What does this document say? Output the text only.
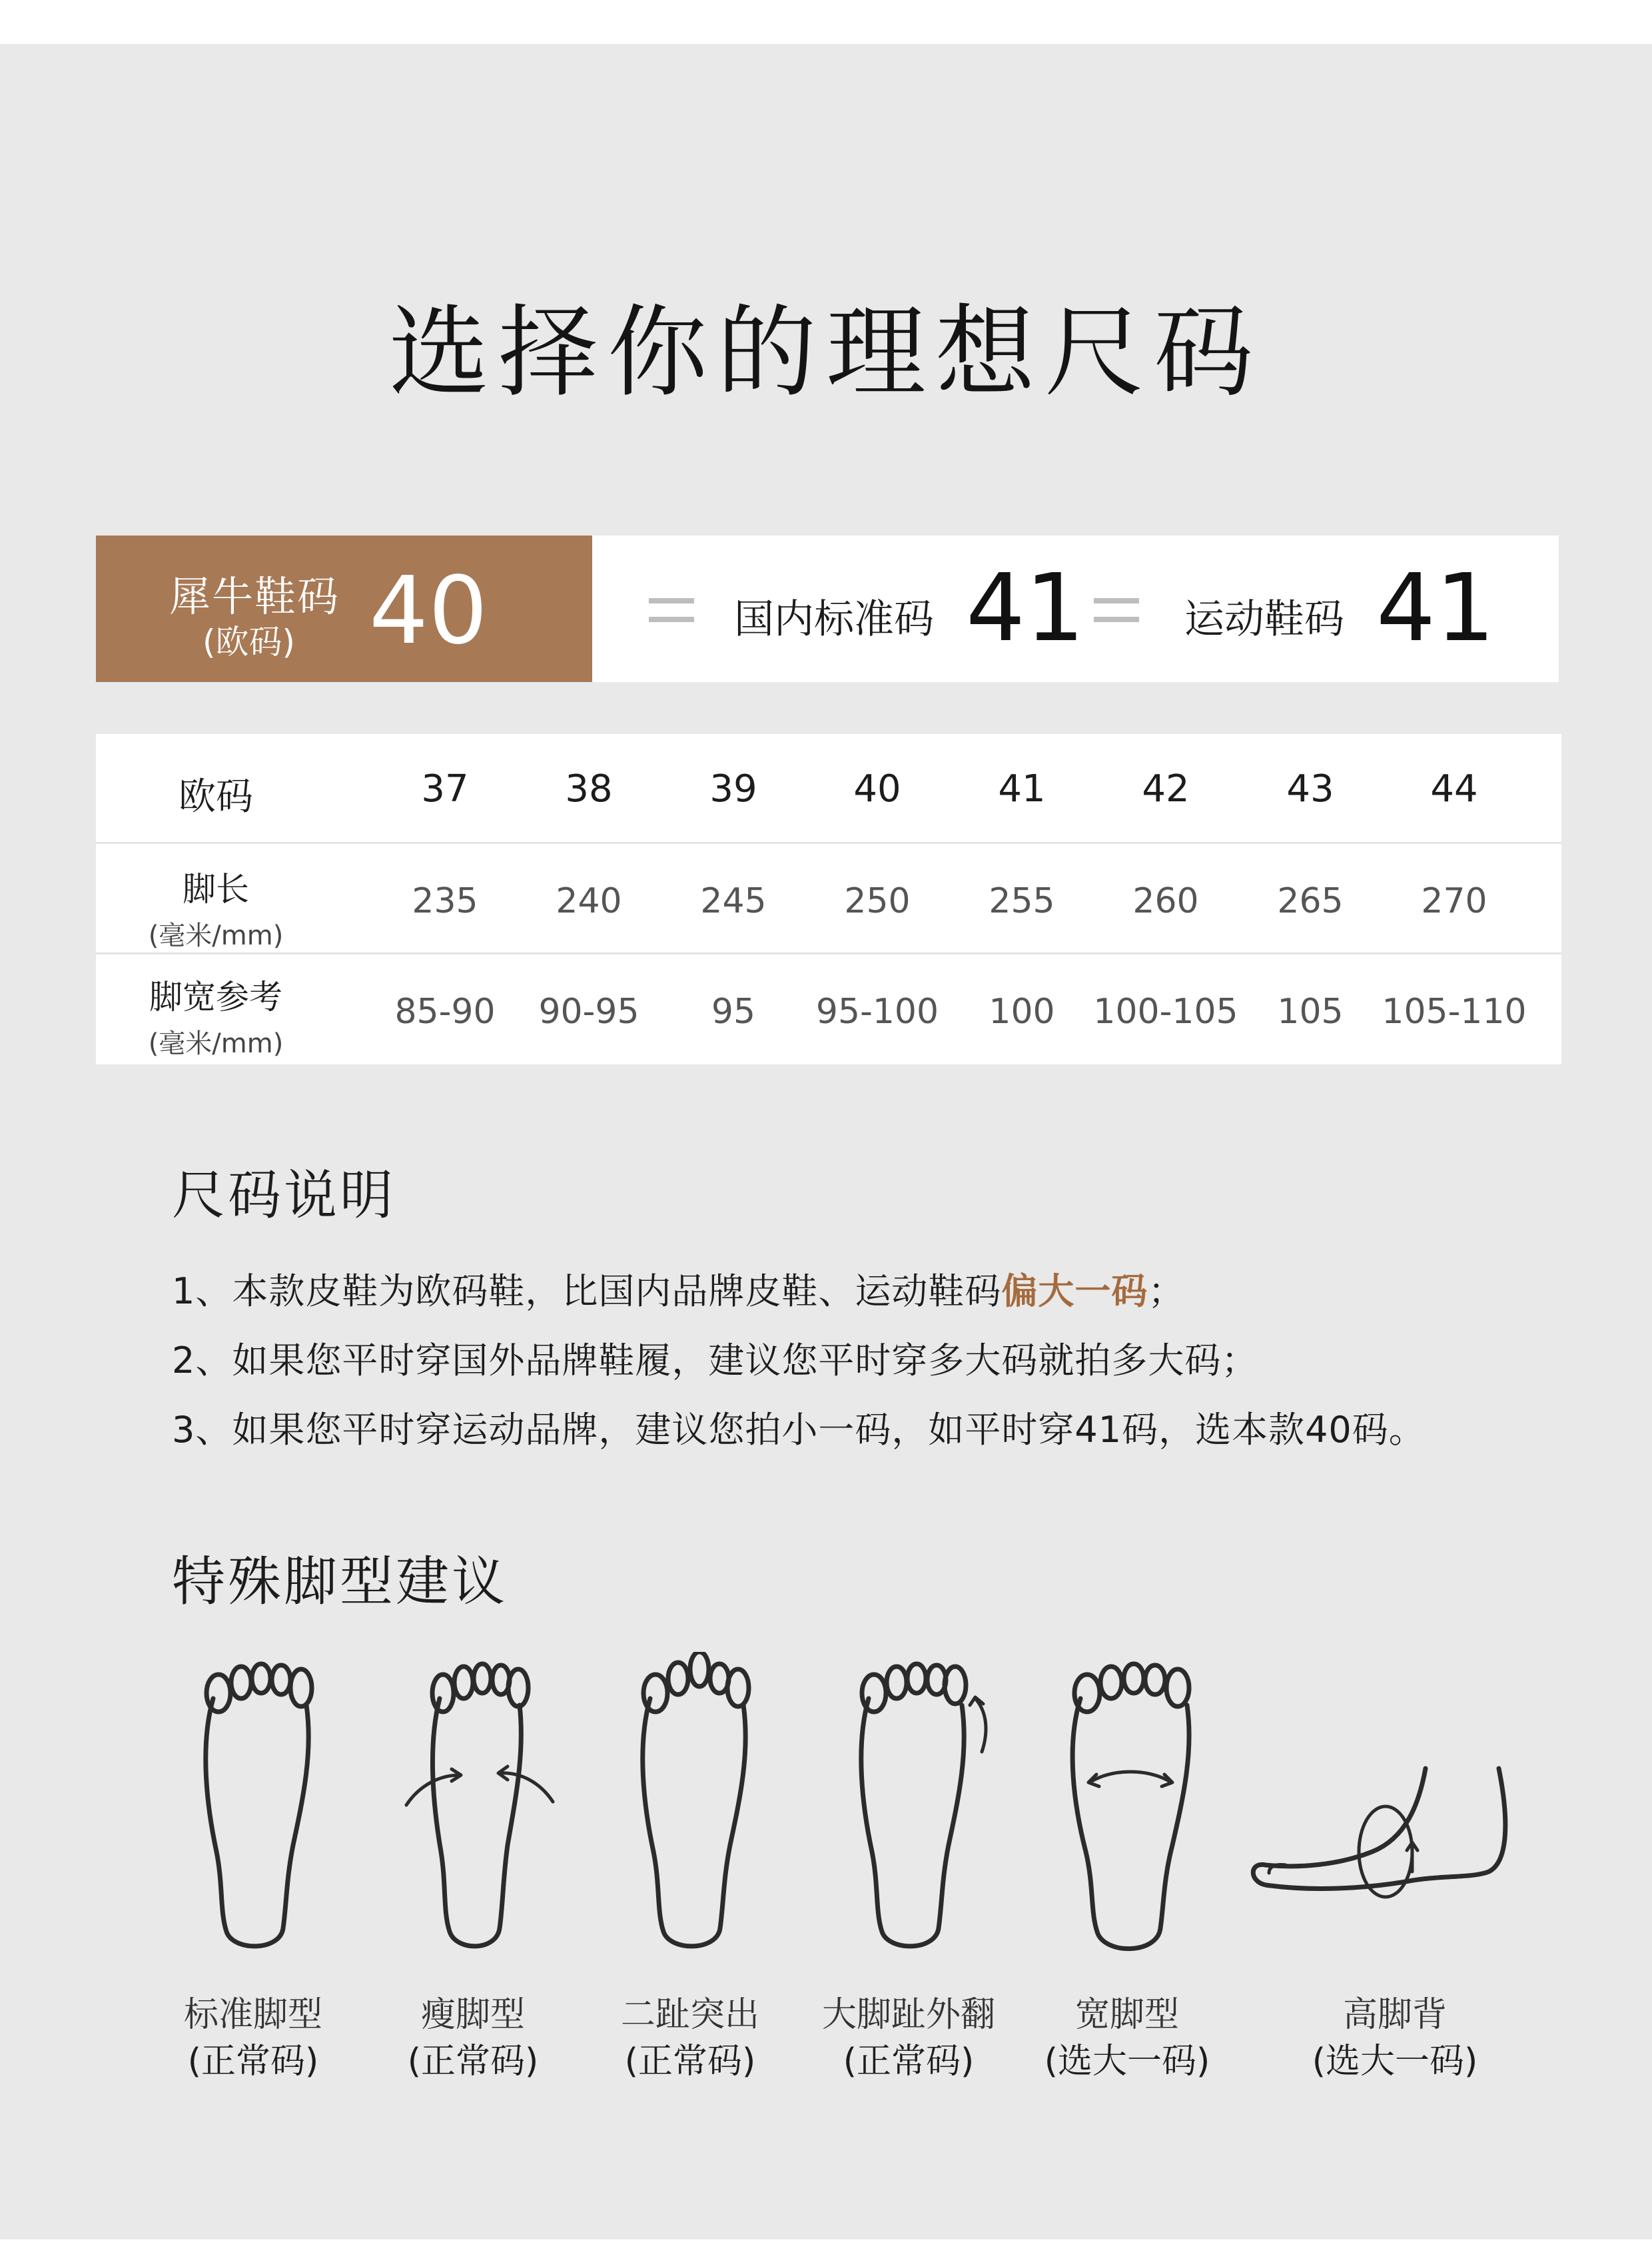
选择你的理想尺码
犀牛鞋码
(欧码) 40	国内标准码 41 运动鞋码 41
欧码	37	38	39	40	41	42	43	44
脚长
(毫米/mm)
235	240	245	250	255	260	265	270
脚宽参考
(毫米/mm)
85-90	90-95	95	95-100	100	100-105	105	105-110
尺码说明
1、本款皮鞋为欧码鞋，比国内品牌皮鞋、运动鞋码偏大一码；
2、如果您平时穿国外品牌鞋履，建议您平时穿多大码就拍多大码；
3、如果您平时穿运动品牌，建议您拍小一码，如平时穿41码，选本款40码。
特殊脚型建议
标准脚型
(正常码)
瘦脚型
(正常码)
二趾突出
(正常码)
大脚趾外翻
(正常码)
宽脚型
(选大一码)
高脚背
(选大一码)
